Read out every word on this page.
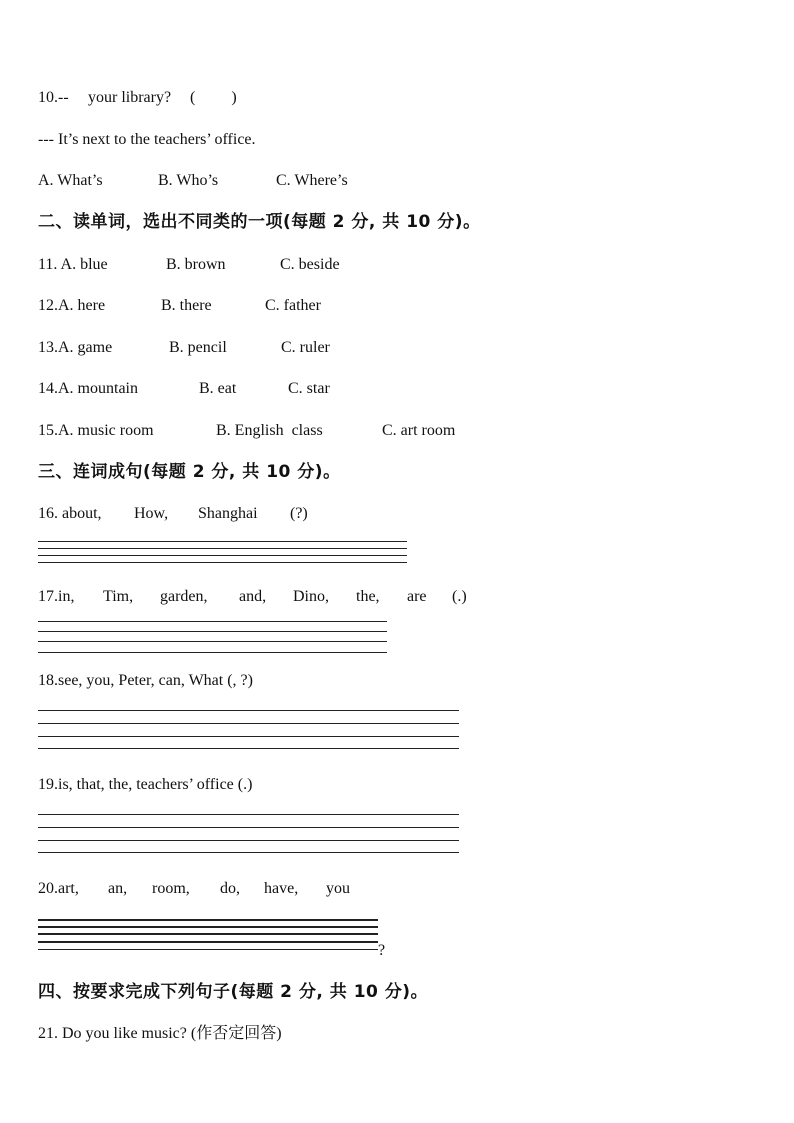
10.-- your library? (         )
--- It’s next to the teachers’ office.
A. What’s	B. Who’s	C. Where’s
二、读单词，选出不同类的一项(每题 2 分, 共 10 分)。
11. A. blue	B. brown	C. beside
12.A. here	B. there	C. father
13.A. game	B. pencil	C. ruler
14.A. mountain	B. eat	C. star
15.A. music room	B. English  class	C. art room
三、连词成句(每题 2 分, 共 10 分)。
16. about, How, Shanghai (?)
17.in, Tim, garden, and, Dino, the, are (.)
18.see, you, Peter, can, What (, ?)
19.is, that, the, teachers’ office (.)
20.art, an, room, do, have, you
?
四、按要求完成下列句子(每题 2 分, 共 10 分)。
21. Do you like music? (作否定回答)
